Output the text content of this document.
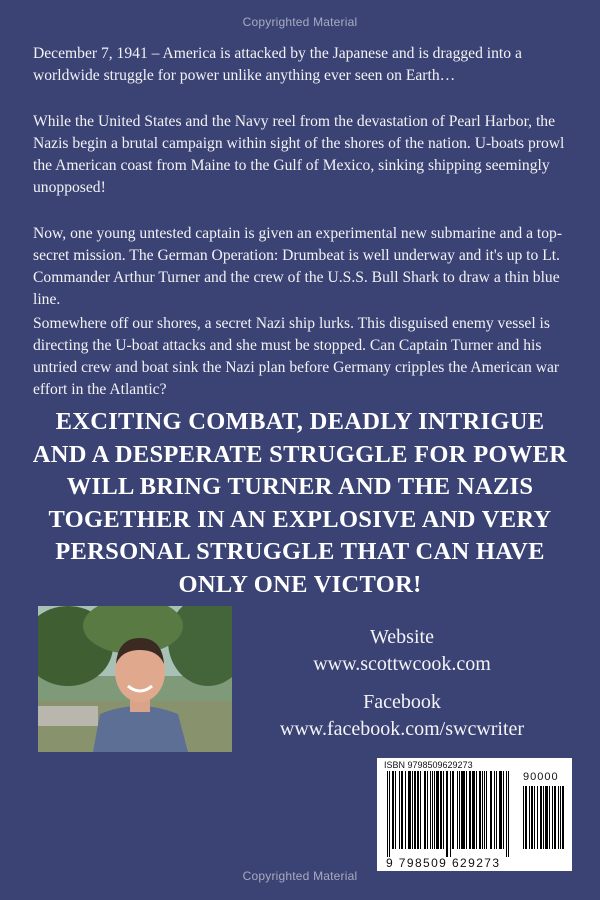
Copyrighted Material

December 7, 1941 – America is attacked by the Japanese and is dragged into a worldwide struggle for power unlike anything ever seen on Earth…

While the United States and the Navy reel from the devastation of Pearl Harbor, the Nazis begin a brutal campaign within sight of the shores of the nation. U-boats prowl the American coast from Maine to the Gulf of Mexico, sinking shipping seemingly unopposed!

Now, one young untested captain is given an experimental new submarine and a top-secret mission. The German Operation: Drumbeat is well underway and it's up to Lt. Commander Arthur Turner and the crew of the U.S.S. Bull Shark to draw a thin blue line.

Somewhere off our shores, a secret Nazi ship lurks. This disguised enemy vessel is directing the U-boat attacks and she must be stopped. Can Captain Turner and his untried crew and boat sink the Nazi plan before Germany cripples the American war effort in the Atlantic?

EXCITING COMBAT, DEADLY INTRIGUE AND A DESPERATE STRUGGLE FOR POWER WILL BRING TURNER AND THE NAZIS TOGETHER IN AN EXPLOSIVE AND VERY PERSONAL STRUGGLE THAT CAN HAVE ONLY ONE VICTOR!
Website
www.scottwcook.com
Facebook
www.facebook.com/swcwriter
ISBN 9798509629273
90000
9 798509 629273
Copyrighted Material
